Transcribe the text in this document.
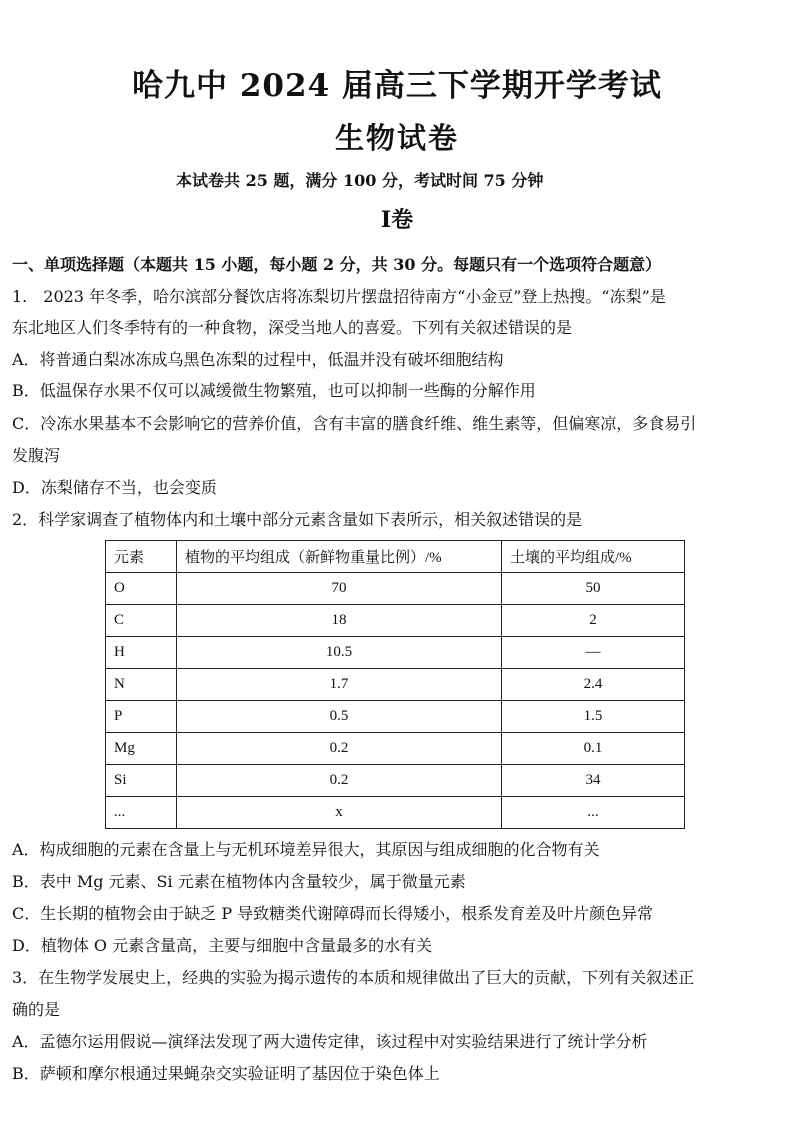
哈九中 2024 届高三下学期开学考试
生物试卷
本试卷共 25 题，满分 100 分，考试时间 75 分钟
Ⅰ卷
一、单项选择题（本题共 15 小题，每小题 2 分，共 30 分。每题只有一个选项符合题意）
1.　2023 年冬季，哈尔滨部分餐饮店将冻梨切片摆盘招待南方“小金豆”登上热搜。“冻梨”是
东北地区人们冬季特有的一种食物，深受当地人的喜爱。下列有关叙述错误的是
A．将普通白梨冰冻成乌黑色冻梨的过程中，低温并没有破坏细胞结构
B．低温保存水果不仅可以减缓微生物繁殖，也可以抑制一些酶的分解作用
C．冷冻水果基本不会影响它的营养价值，含有丰富的膳食纤维、维生素等，但偏寒凉，多食易引
发腹泻
D．冻梨储存不当，也会变质
2．科学家调查了植物体内和土壤中部分元素含量如下表所示，相关叙述错误的是
元素	植物的平均组成（新鲜物重量比例）/%	土壤的平均组成/%
O	70	50
C	18	2
H	10.5	—
N	1.7	2.4
P	0.5	1.5
Mg	0.2	0.1
Si	0.2	34
...	x	...
A．构成细胞的元素在含量上与无机环境差异很大，其原因与组成细胞的化合物有关
B．表中 Mg 元素、Si 元素在植物体内含量较少，属于微量元素
C．生长期的植物会由于缺乏 P 导致糖类代谢障碍而长得矮小，根系发育差及叶片颜色异常
D．植物体 O 元素含量高，主要与细胞中含量最多的水有关
3．在生物学发展史上，经典的实验为揭示遗传的本质和规律做出了巨大的贡献，下列有关叙述正
确的是
A．孟德尔运用假说—演绎法发现了两大遗传定律，该过程中对实验结果进行了统计学分析
B．萨顿和摩尔根通过果蝇杂交实验证明了基因位于染色体上
